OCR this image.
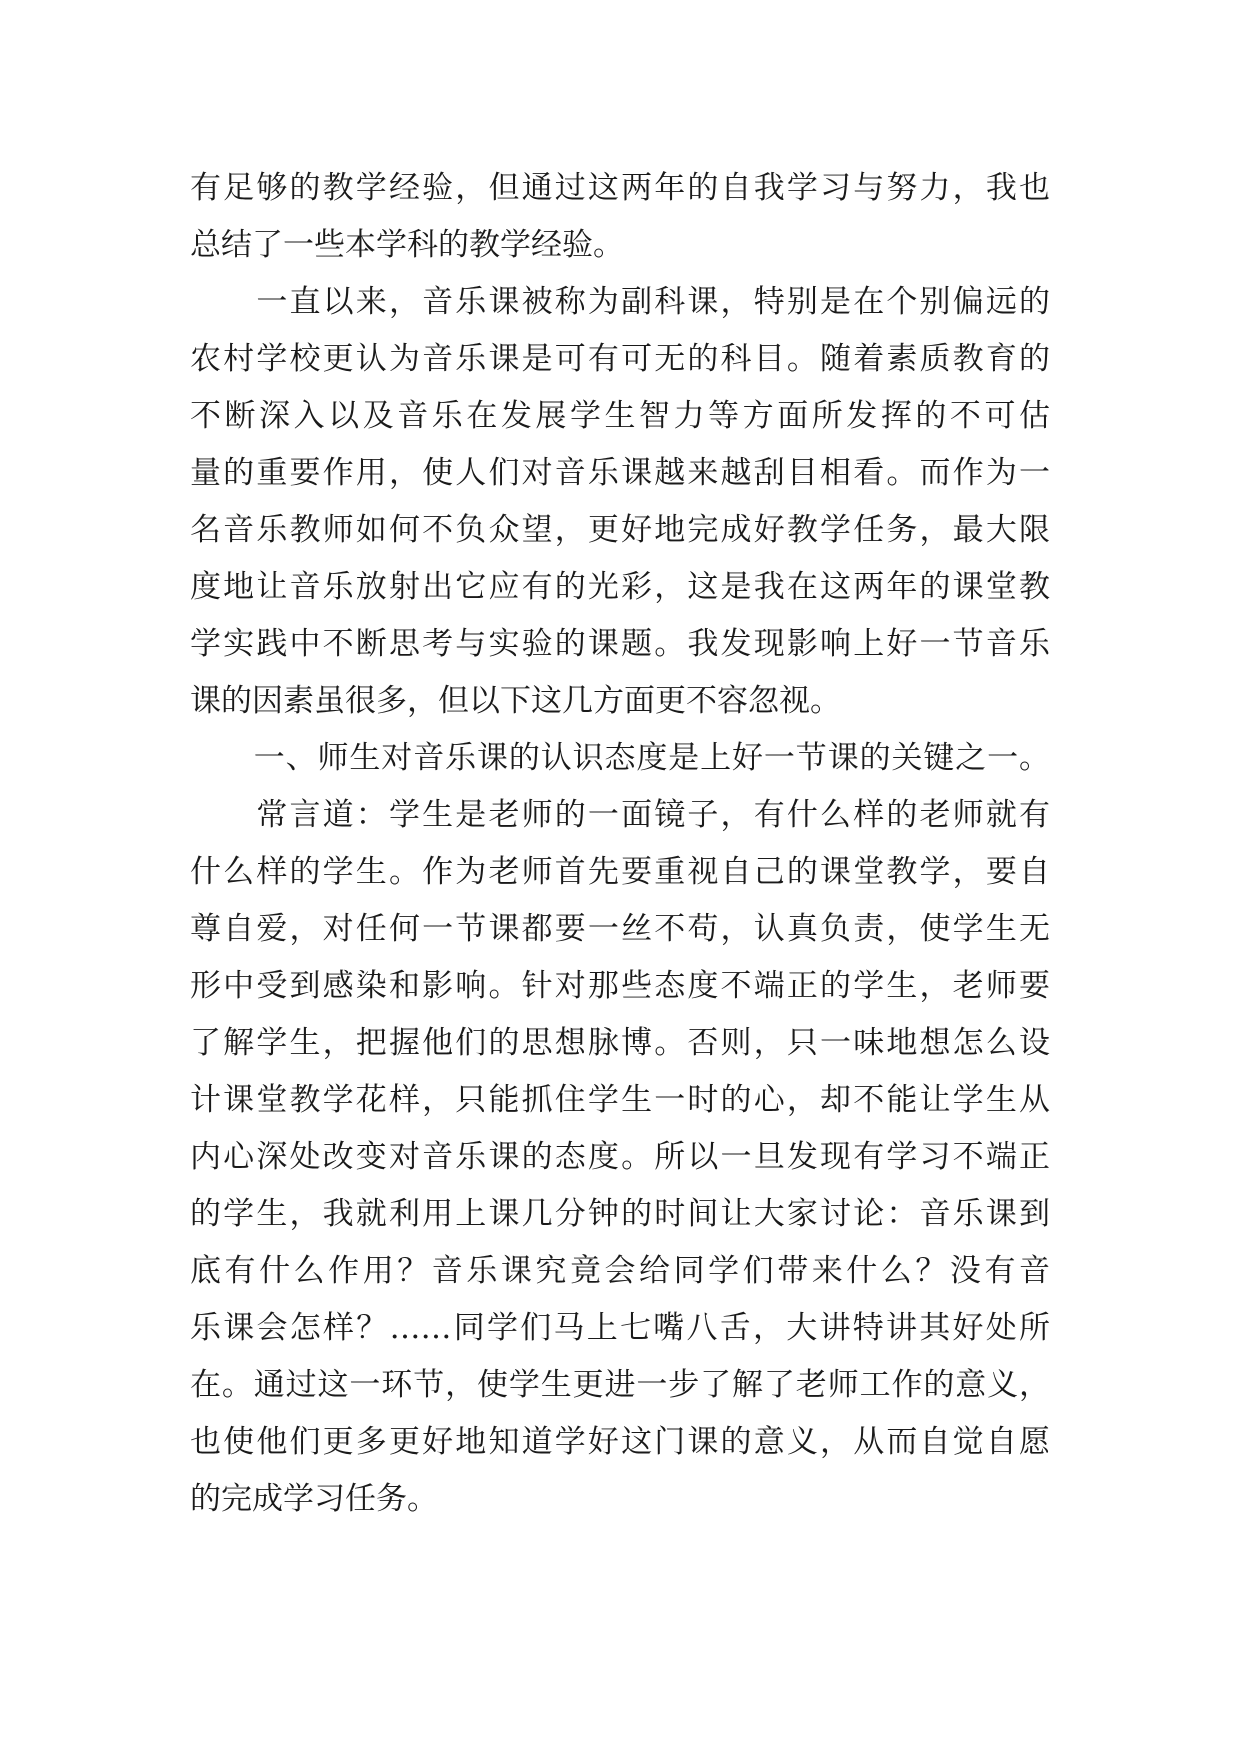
有足够的教学经验，但通过这两年的自我学习与努力，我也
总结了一些本学科的教学经验。
　　一直以来，音乐课被称为副科课，特别是在个别偏远的
农村学校更认为音乐课是可有可无的科目。随着素质教育的
不断深入以及音乐在发展学生智力等方面所发挥的不可估
量的重要作用，使人们对音乐课越来越刮目相看。而作为一
名音乐教师如何不负众望，更好地完成好教学任务，最大限
度地让音乐放射出它应有的光彩，这是我在这两年的课堂教
学实践中不断思考与实验的课题。我发现影响上好一节音乐
课的因素虽很多，但以下这几方面更不容忽视。
　　一、师生对音乐课的认识态度是上好一节课的关键之一。
　　常言道：学生是老师的一面镜子，有什么样的老师就有
什么样的学生。作为老师首先要重视自己的课堂教学，要自
尊自爱，对任何一节课都要一丝不苟，认真负责，使学生无
形中受到感染和影响。针对那些态度不端正的学生，老师要
了解学生，把握他们的思想脉博。否则，只一味地想怎么设
计课堂教学花样，只能抓住学生一时的心，却不能让学生从
内心深处改变对音乐课的态度。所以一旦发现有学习不端正
的学生，我就利用上课几分钟的时间让大家讨论：音乐课到
底有什么作用？音乐课究竟会给同学们带来什么？没有音
乐课会怎样？……同学们马上七嘴八舌，大讲特讲其好处所
在。通过这一环节，使学生更进一步了解了老师工作的意义，
也使他们更多更好地知道学好这门课的意义，从而自觉自愿
的完成学习任务。
